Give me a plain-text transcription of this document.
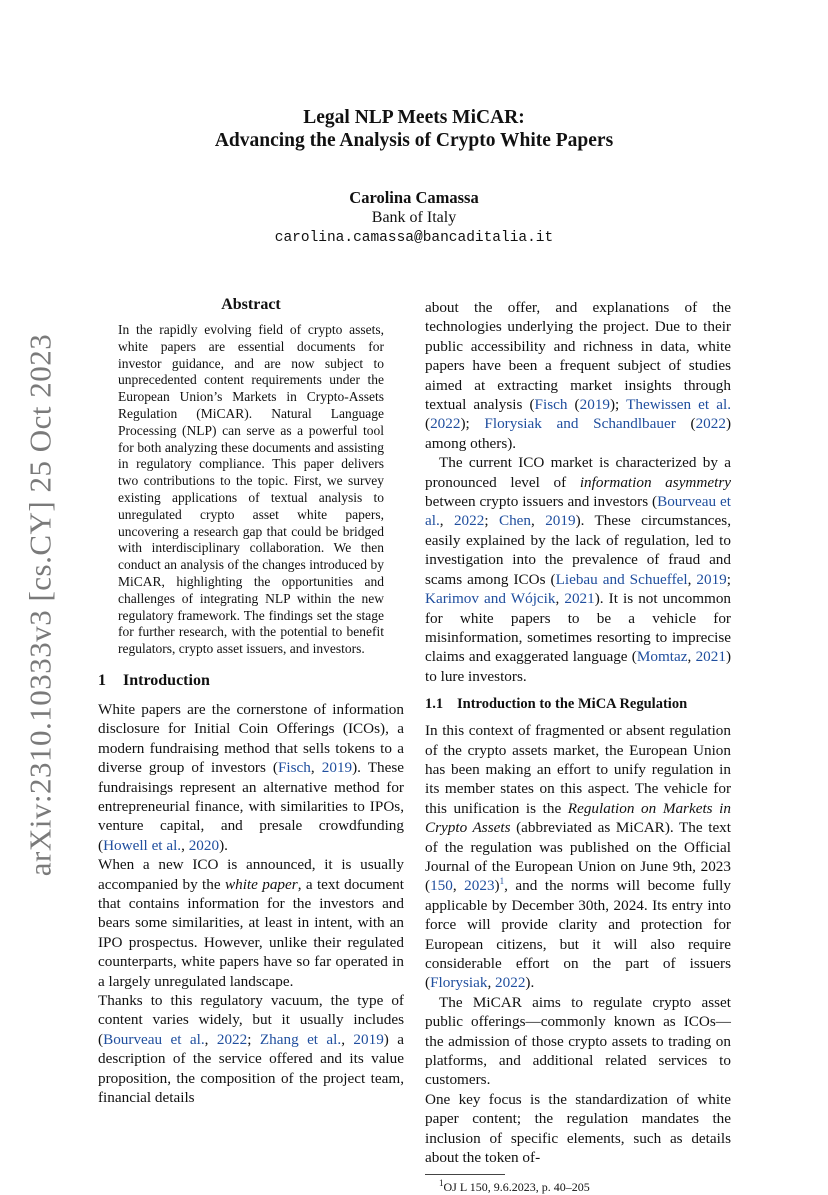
arXiv:2310.10333v3 [cs.CY] 25 Oct 2023
Legal NLP Meets MiCAR:
Advancing the Analysis of Crypto White Papers
Carolina Camassa
Bank of Italy
carolina.camassa@bancaditalia.it
Abstract
In the rapidly evolving field of crypto assets, white papers are essential documents for investor guidance, and are now subject to unprecedented content requirements under the European Union’s Markets in Crypto-Assets Regulation (MiCAR). Natural Language Processing (NLP) can serve as a powerful tool for both analyzing these documents and assisting in regulatory compliance. This paper delivers two contributions to the topic. First, we survey existing applications of textual analysis to unregulated crypto asset white papers, uncovering a research gap that could be bridged with interdisciplinary collaboration. We then conduct an analysis of the changes introduced by MiCAR, highlighting the opportunities and challenges of integrating NLP within the new regulatory framework. The findings set the stage for further research, with the potential to benefit regulators, crypto asset issuers, and investors.
1 Introduction

White papers are the cornerstone of information disclosure for Initial Coin Offerings (ICOs), a modern fundraising method that sells tokens to a diverse group of investors (Fisch, 2019). These fundraisings represent an alternative method for entrepreneurial finance, with similarities to IPOs, venture capital, and presale crowdfunding (Howell et al., 2020).

When a new ICO is announced, it is usually accompanied by the white paper, a text document that contains information for the investors and bears some similarities, at least in intent, with an IPO prospectus. However, unlike their regulated counterparts, white papers have so far operated in a largely unregulated landscape.

Thanks to this regulatory vacuum, the type of content varies widely, but it usually includes (Bourveau et al., 2022; Zhang et al., 2019) a description of the service offered and its value proposition, the composition of the project team, financial details

about the offer, and explanations of the technologies underlying the project. Due to their public accessibility and richness in data, white papers have been a frequent subject of studies aimed at extracting market insights through textual analysis (Fisch (2019); Thewissen et al. (2022); Florysiak and Schandlbauer (2022) among others).

The current ICO market is characterized by a pronounced level of information asymmetry between crypto issuers and investors (Bourveau et al., 2022; Chen, 2019). These circumstances, easily explained by the lack of regulation, led to investigation into the prevalence of fraud and scams among ICOs (Liebau and Schueffel, 2019; Karimov and Wójcik, 2021). It is not uncommon for white papers to be a vehicle for misinformation, sometimes resorting to imprecise claims and exaggerated language (Momtaz, 2021) to lure investors.

1.1 Introduction to the MiCA Regulation

In this context of fragmented or absent regulation of the crypto assets market, the European Union has been making an effort to unify regulation in its member states on this aspect. The vehicle for this unification is the Regulation on Markets in Crypto Assets (abbreviated as MiCAR). The text of the regulation was published on the Official Journal of the European Union on June 9th, 2023 (150, 2023)$^1$, and the norms will become fully applicable by December 30th, 2024. Its entry into force will provide clarity and protection for European citizens, but it will also require considerable effort on the part of issuers (Florysiak, 2022).

The MiCAR aims to regulate crypto asset public offerings—commonly known as ICOs—the admission of those crypto assets to trading on platforms, and additional related services to customers.

One key focus is the standardization of white paper content; the regulation mandates the inclusion of specific elements, such as details about the token of-

$^1$OJ L 150, 9.6.2023, p. 40–205
